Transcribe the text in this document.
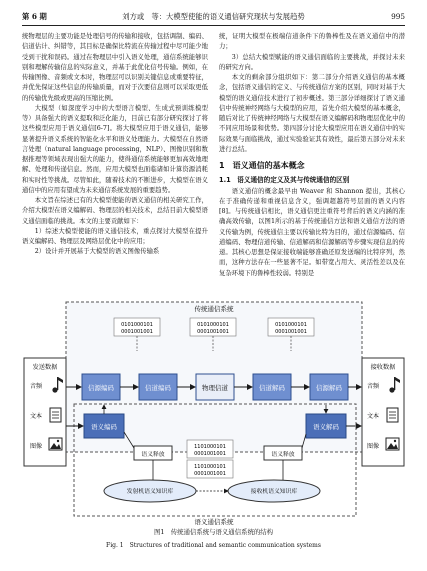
第 6 期	刘方或　等：大模型使能的语义通信研究现状与发展趋势	995

统物理层的主要功能是处理信号的传输和接收，包括调制、编码、信道估计、纠错等，其目标是确保比特流在传输过程中尽可能少地受到干扰和误码。通过在物理层中引入语义处理，通信系统能够识别和理解传输信息的实际意义，并基于此优化信号传输。例如，在传输图像、音频或文本时，物理层可以识别关键信息或重要特征，并优先保证这些信息的传输质量，而对于次要信息则可以采取更低的传输优先级或更高的压缩比例。

大模型（如深度学习中的大型语言模型、生成式预训练模型等）具备强大的语义提取和泛化能力，目前已有部分研究探讨了将这些模型应用于语义通信[6-7]。将大模型应用于语义通信，能够显著提升语义系统的智能化水平和语义处理能力。大模型在自然语言处理（natural language processing，NLP）、图像识别和数据推理等领域表现出强大的能力，使得通信系统能够更加高效地理解、处理和传递信息。然而，应用大模型也面临诸如计算资源消耗和实时性等挑战。尽管如此，随着技术的不断进步，大模型在语义通信中的应用有望成为未来通信系统发展的重要趋势。

本文旨在综述已有的大模型使能的语义通信的相关研究工作，介绍大模型在语义编解码、物理层的相关技术，总结目前大模型语义通信面临的挑战。本文的主要贡献如下：

1）综述大模型使能的语义通信技术，重点探讨大模型在提升语义编解码、物理层及网络层优化中的应用；

2）设计并开展基于大模型的语义图像传输系

统，证明大模型在极端信道条件下的鲁棒性及在语义通信中的潜力；

3）总结大模型赋能的语义通信面临的主要挑战，并探讨未来的研究方向。

本文的剩余部分组织如下：第二部分介绍语义通信的基本概念，包括语义通信的定义、与传统通信方案的区别，同时对基于大模型的语义通信技术进行了初步概述。第三部分详细探讨了语义通信中传统神经网络与大模型的应用，首先介绍大模型的基本概念，随后对比了传统神经网络与大模型在语义编解码和物理层优化中的不同应用场景和优势。第四部分讨论大模型应用在语义通信中的实际效果与面临挑战，通过实验验证其有效性，最后第五部分对未来进行总结。

1　语义通信的基本概念
1.1　语义通信的定义及其与传统通信的区别

语义通信的概念最早由 Weaver 和 Shannon 提出，其核心在于准确传递和重视信息含义，强调超越符号层面的语义内容[8]。与传统通信相比，语义通信更注重符号背后的语义内涵的准确高效传输，以图1所示的基于传统通信方法和语义通信方法的语义传输为例，传统通信主要以传输比特为目的，通过信源编码、信道编码、物理信道传输、信道解码和信源解码等步骤实现信息的传递。其核心思想是保证接收端能够准确还原发送端的比特序列，然而，这种方法存在一些显著不足。如带宽占用大、灵活性差以及在复杂环境下的鲁棒性较弱。特别是

传统通信系统
发送数据
音频
文本
图像
接收数据
音频
文本
图像
0101000101
0001001001
0101000101
0001001001
0101000101
0001001001
信源编码	信道编码	物理信道	信道解码	信源解码
语义通信系统
语义编码	语义解码
语义释放	语义释放
1101000101
0001001001
1101000101
0001001001
发射机语义知识库	接收机语义知识库
图1　传统通信系统与语义通信系统的结构
Fig. 1　Structures of traditional and semantic communication systems
